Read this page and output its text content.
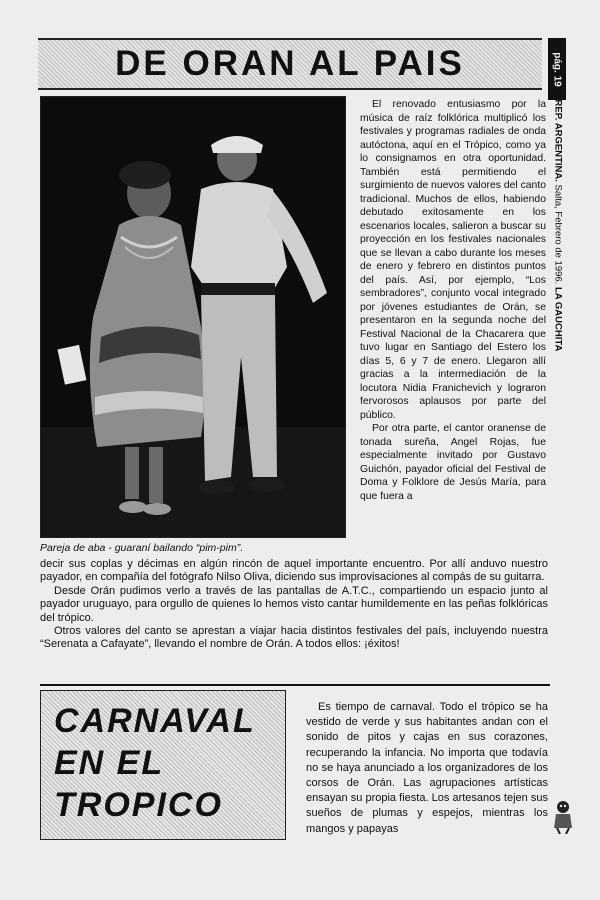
DE ORAN AL PAIS	pág. 19
REP. ARGENTINA. Salta, Febrero de 1996. LA GAUCHITA
Pareja de aba - guaraní bailando “pim-pim”.

El renovado entusiasmo por la música de raíz folklórica multiplicó los festivales y programas radiales de onda autóctona, aquí en el Trópico, como ya lo consignamos en otra oportunidad. También está permitiendo el surgimiento de nuevos valores del canto tradicional. Muchos de ellos, habiendo debutado exitosamente en los escenarios locales, salieron a buscar su proyección en los festivales nacionales que se llevan a cabo durante los meses de enero y febrero en distintos puntos del país. Así, por ejemplo, “Los sembradores”, conjunto vocal integrado por jóvenes estudiantes de Orán, se presentaron en la segunda noche del Festival Nacional de la Chacarera que tuvo lugar en Santiago del Estero los días 5, 6 y 7 de enero. Llegaron allí gracias a la intermediación de la locutora Nidia Franichevich y lograron fervorosos aplausos por parte del público.

Por otra parte, el cantor oranense de tonada sureña, Angel Rojas, fue especialmente invitado por Gustavo Guichón, payador oficial del Festival de Doma y Folklore de Jesús María, para que fuera a

decir sus coplas y décimas en algún rincón de aquel importante encuentro. Por allí anduvo nuestro payador, en compañía del fotógrafo Nilso Oliva, diciendo sus improvisaciones al compás de su guitarra.

Desde Orán pudimos verlo a través de las pantallas de A.T.C., compartiendo un espacio junto al payador uruguayo, para orgullo de quienes lo hemos visto cantar humildemente en las peñas folklóricas del trópico.

Otros valores del canto se aprestan a viajar hacia distintos festivales del país, incluyendo nuestra “Serenata a Cafayate”, llevando el nombre de Orán. A todos ellos: ¡éxitos!

CARNAVAL
EN EL
TROPICO

Es tiempo de carnaval. Todo el trópico se ha vestido de verde y sus habitantes andan con el sonido de pitos y cajas en sus corazones, recuperando la infancia. No importa que todavía no se haya anunciado a los organizadores de los corsos de Orán. Las agrupaciones artísticas ensayan su propia fiesta. Los artesanos tejen sus sueños de plumas y espejos, mientras los mangos y papayas
